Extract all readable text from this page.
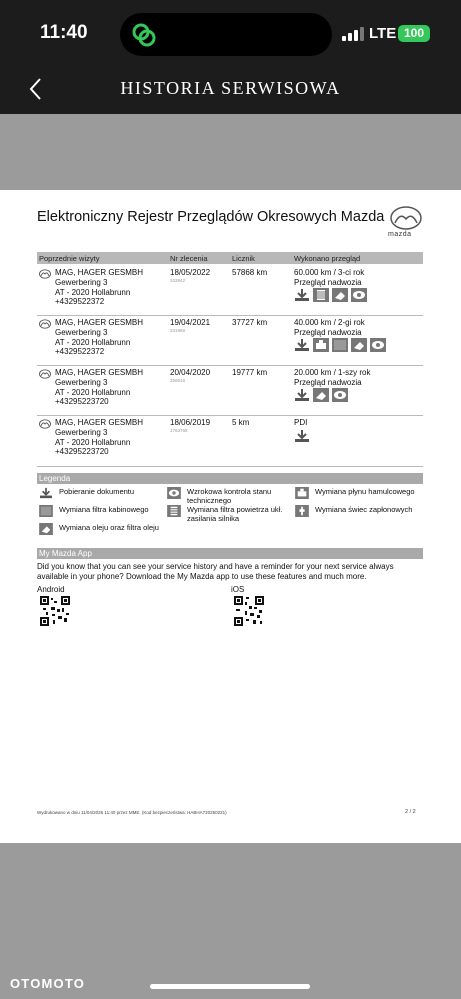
11:40	LTE 100
HISTORIA SERWISOWA
Elektroniczny Rejestr Przeglądów Okresowych Mazda
mazda
Poprzednie wizyty	Nr zlecenia	Licznik	Wykonano przegląd
MAG, HAGER GESMBH
Gewerbering 3
AT - 2020 Hollabrunn
+4329522372
18/05/2022
333942
57868 km	60.000 km / 3-ci rok
Przegląd nadwozia
MAG, HAGER GESMBH
Gewerbering 3
AT - 2020 Hollabrunn
+4329522372
19/04/2021
331968
37727 km	40.000 km / 2-gi rok
Przegląd nadwozia
MAG, HAGER GESMBH
Gewerbering 3
AT - 2020 Hollabrunn
+43295223720
20/04/2020
259816
19777 km	20.000 km / 1-szy rok
Przegląd nadwozia
MAG, HAGER GESMBH
Gewerbering 3
AT - 2020 Hollabrunn
+43295223720
18/06/2019
1763768
5 km	PDI
Legenda
Pobieranie dokumentu	Wzrokowa kontrola stanu technicznego
Wymiana płynu hamulcowego
Wymiana filtra kabinowego	Wymiana filtra powietrza ukł. zasilania silnika
Wymiana świec zapłonowych
Wymiana oleju oraz filtra oleju
My Mazda App
Did you know that you can see your service history and have a reminder for your next service always available in your phone? Download the My Mazda app to use these features and much more.
Android	iOS
Wydrukowano w dniu 11/04/2026 11:40 przez MME. (Kod bezpieczeństwa: HABHA720250221)	2 / 2
OTOMOTO
